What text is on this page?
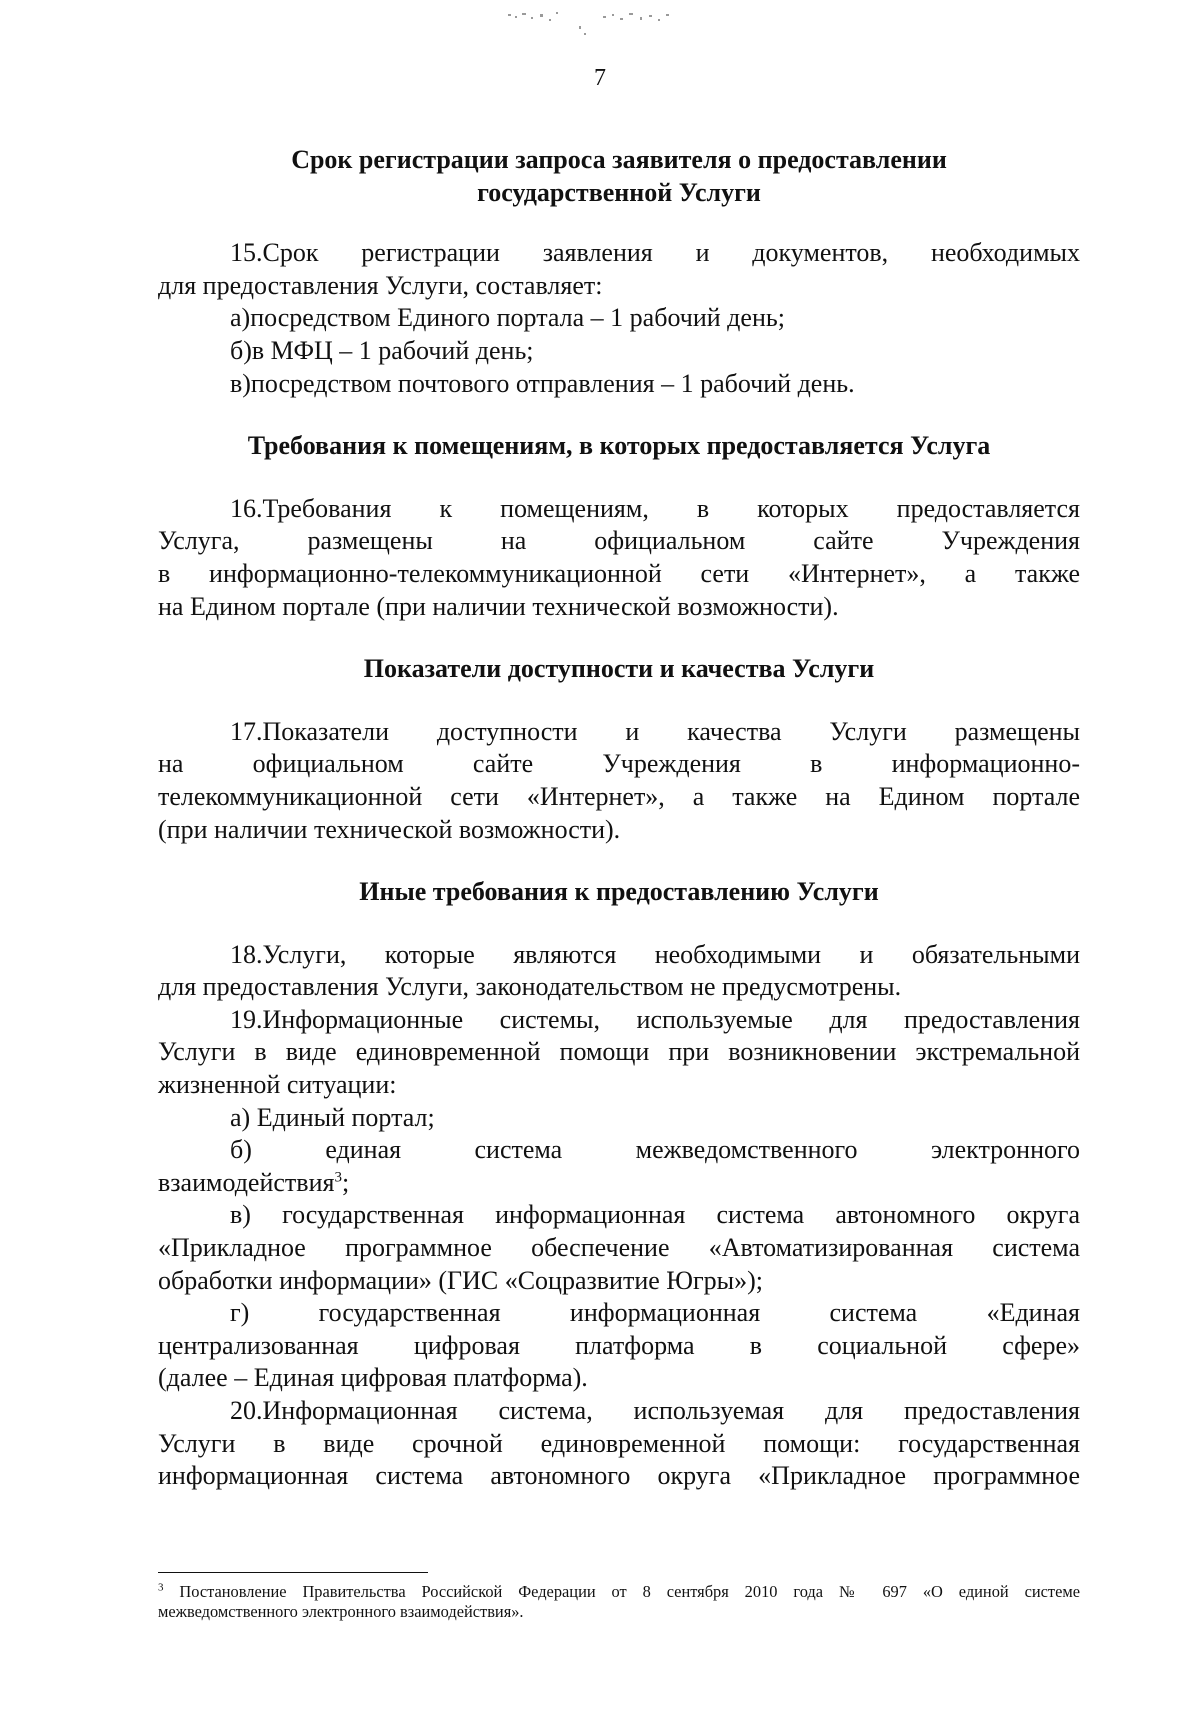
7
Срок регистрации запроса заявителя о предоставлении
государственной Услуги
15.Срок регистрации заявления и документов, необходимых
для предоставления Услуги, составляет:
а)посредством Единого портала – 1 рабочий день;
б)в МФЦ – 1 рабочий день;
в)посредством почтового отправления – 1 рабочий день.
Требования к помещениям, в которых предоставляется Услуга
16.Требования к помещениям, в которых предоставляется
Услуга, размещены на официальном сайте Учреждения
в информационно-телекоммуникационной сети «Интернет», а также
на Едином портале (при наличии технической возможности).
Показатели доступности и качества Услуги
17.Показатели доступности и качества Услуги размещены
на официальном сайте Учреждения в информационно-
телекоммуникационной сети «Интернет», а также на Едином портале
(при наличии технической возможности).
Иные требования к предоставлению Услуги
18.Услуги, которые являются необходимыми и обязательными
для предоставления Услуги, законодательством не предусмотрены.
19.Информационные системы, используемые для предоставления
Услуги в виде единовременной помощи при возникновении экстремальной
жизненной ситуации:
а) Единый портал;
б) единая система межведомственного электронного
взаимодействия$^3$;
в) государственная информационная система автономного округа
«Прикладное программное обеспечение «Автоматизированная система
обработки информации» (ГИС «Соцразвитие Югры»);
г) государственная информационная система «Единая
централизованная цифровая платформа в социальной сфере»
(далее – Единая цифровая платформа).
20.Информационная система, используемая для предоставления
Услуги в виде срочной единовременной помощи: государственная
информационная система автономного округа «Прикладное программное
$^3$ Постановление Правительства Российской Федерации от 8 сентября 2010 года № 697 «О единой системе
межведомственного электронного взаимодействия».
